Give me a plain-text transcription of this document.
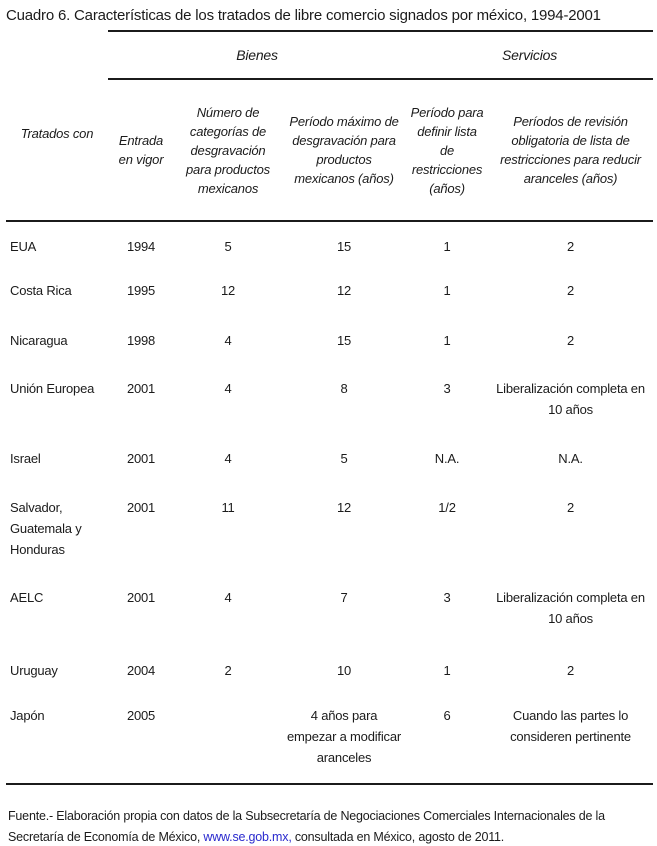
Cuadro 6. Características de los tratados de libre comercio signados por méxico, 1994-2001
	Bienes			Servicios	
Tratados con	Entrada en vigor	Número de categorías de desgravación para productos mexicanos	Período máximo de desgravación para productos mexicanos (años)	Período para definir lista de restricciones (años)	Períodos de revisión obligatoria de lista de restricciones para reducir aranceles (años)
EUA	1994	5	15	1	2
Costa Rica	1995	12	12	1	2
Nicaragua	1998	4	15	1	2
Unión Europea	2001	4	8	3	Liberalización completa en 10 años
Israel	2001	4	5	N.A.	N.A.
Salvador, Guatemala y Honduras	2001	11	12	1/2	2
AELC	2001	4	7	3	Liberalización completa en 10 años
Uruguay	2004	2	10	1	2
Japón	2005		4 años para empezar a modificar aranceles	6	Cuando las partes lo consideren pertinente

Fuente.- Elaboración propia con datos de la Subsecretaría de Negociaciones Comerciales Internacionales de la Secretaría de Economía de México, www.se.gob.mx, consultada en México, agosto de 2011.
